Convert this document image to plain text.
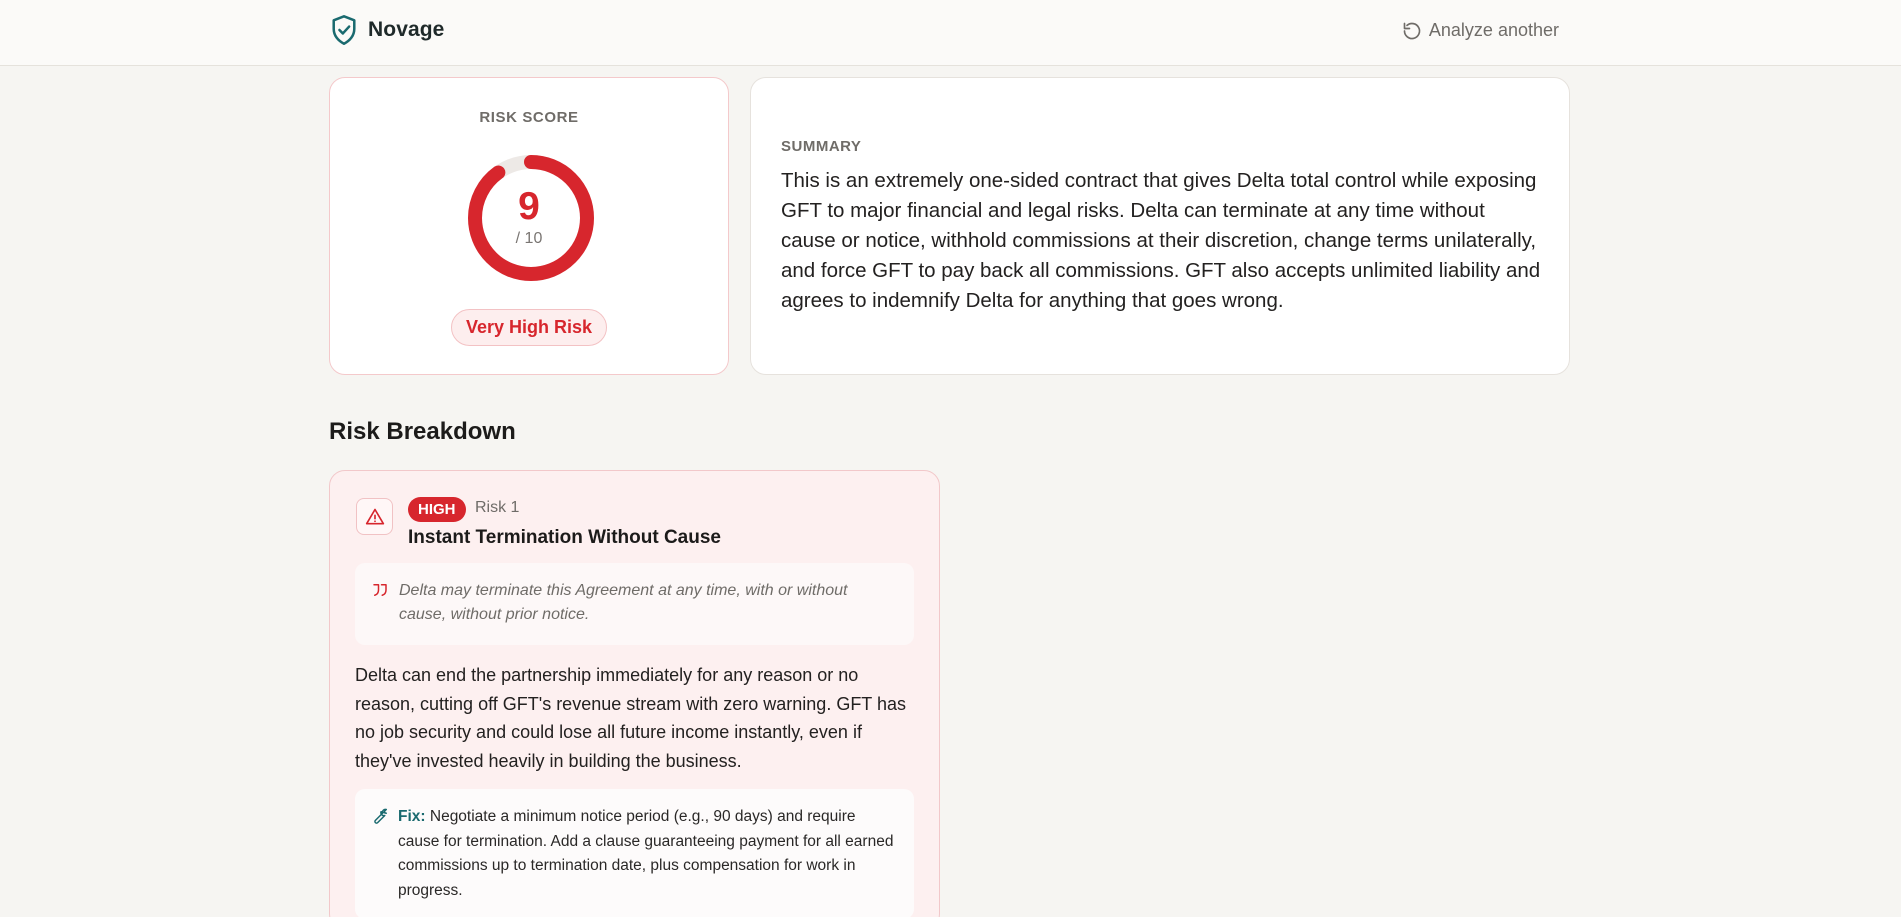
Novage	Analyze another
RISK SCORE
9
/ 10
Very High Risk
SUMMARY

This is an extremely one-sided contract that gives Delta total control while exposing GFT to major financial and legal risks. Delta can terminate at any time without cause or notice, withhold commissions at their discretion, change terms unilaterally, and force GFT to pay back all commissions. GFT also accepts unlimited liability and agrees to indemnify Delta for anything that goes wrong.

Risk Breakdown
HIGH	Risk 1
Instant Termination Without Cause

Delta may terminate this Agreement at any time, with or without cause, without prior notice.

Delta can end the partnership immediately for any reason or no reason, cutting off GFT's revenue stream with zero warning. GFT has no job security and could lose all future income instantly, even if they've invested heavily in building the business.

Fix: Negotiate a minimum notice period (e.g., 90 days) and require cause for termination. Add a clause guaranteeing payment for all earned commissions up to termination date, plus compensation for work in progress.
